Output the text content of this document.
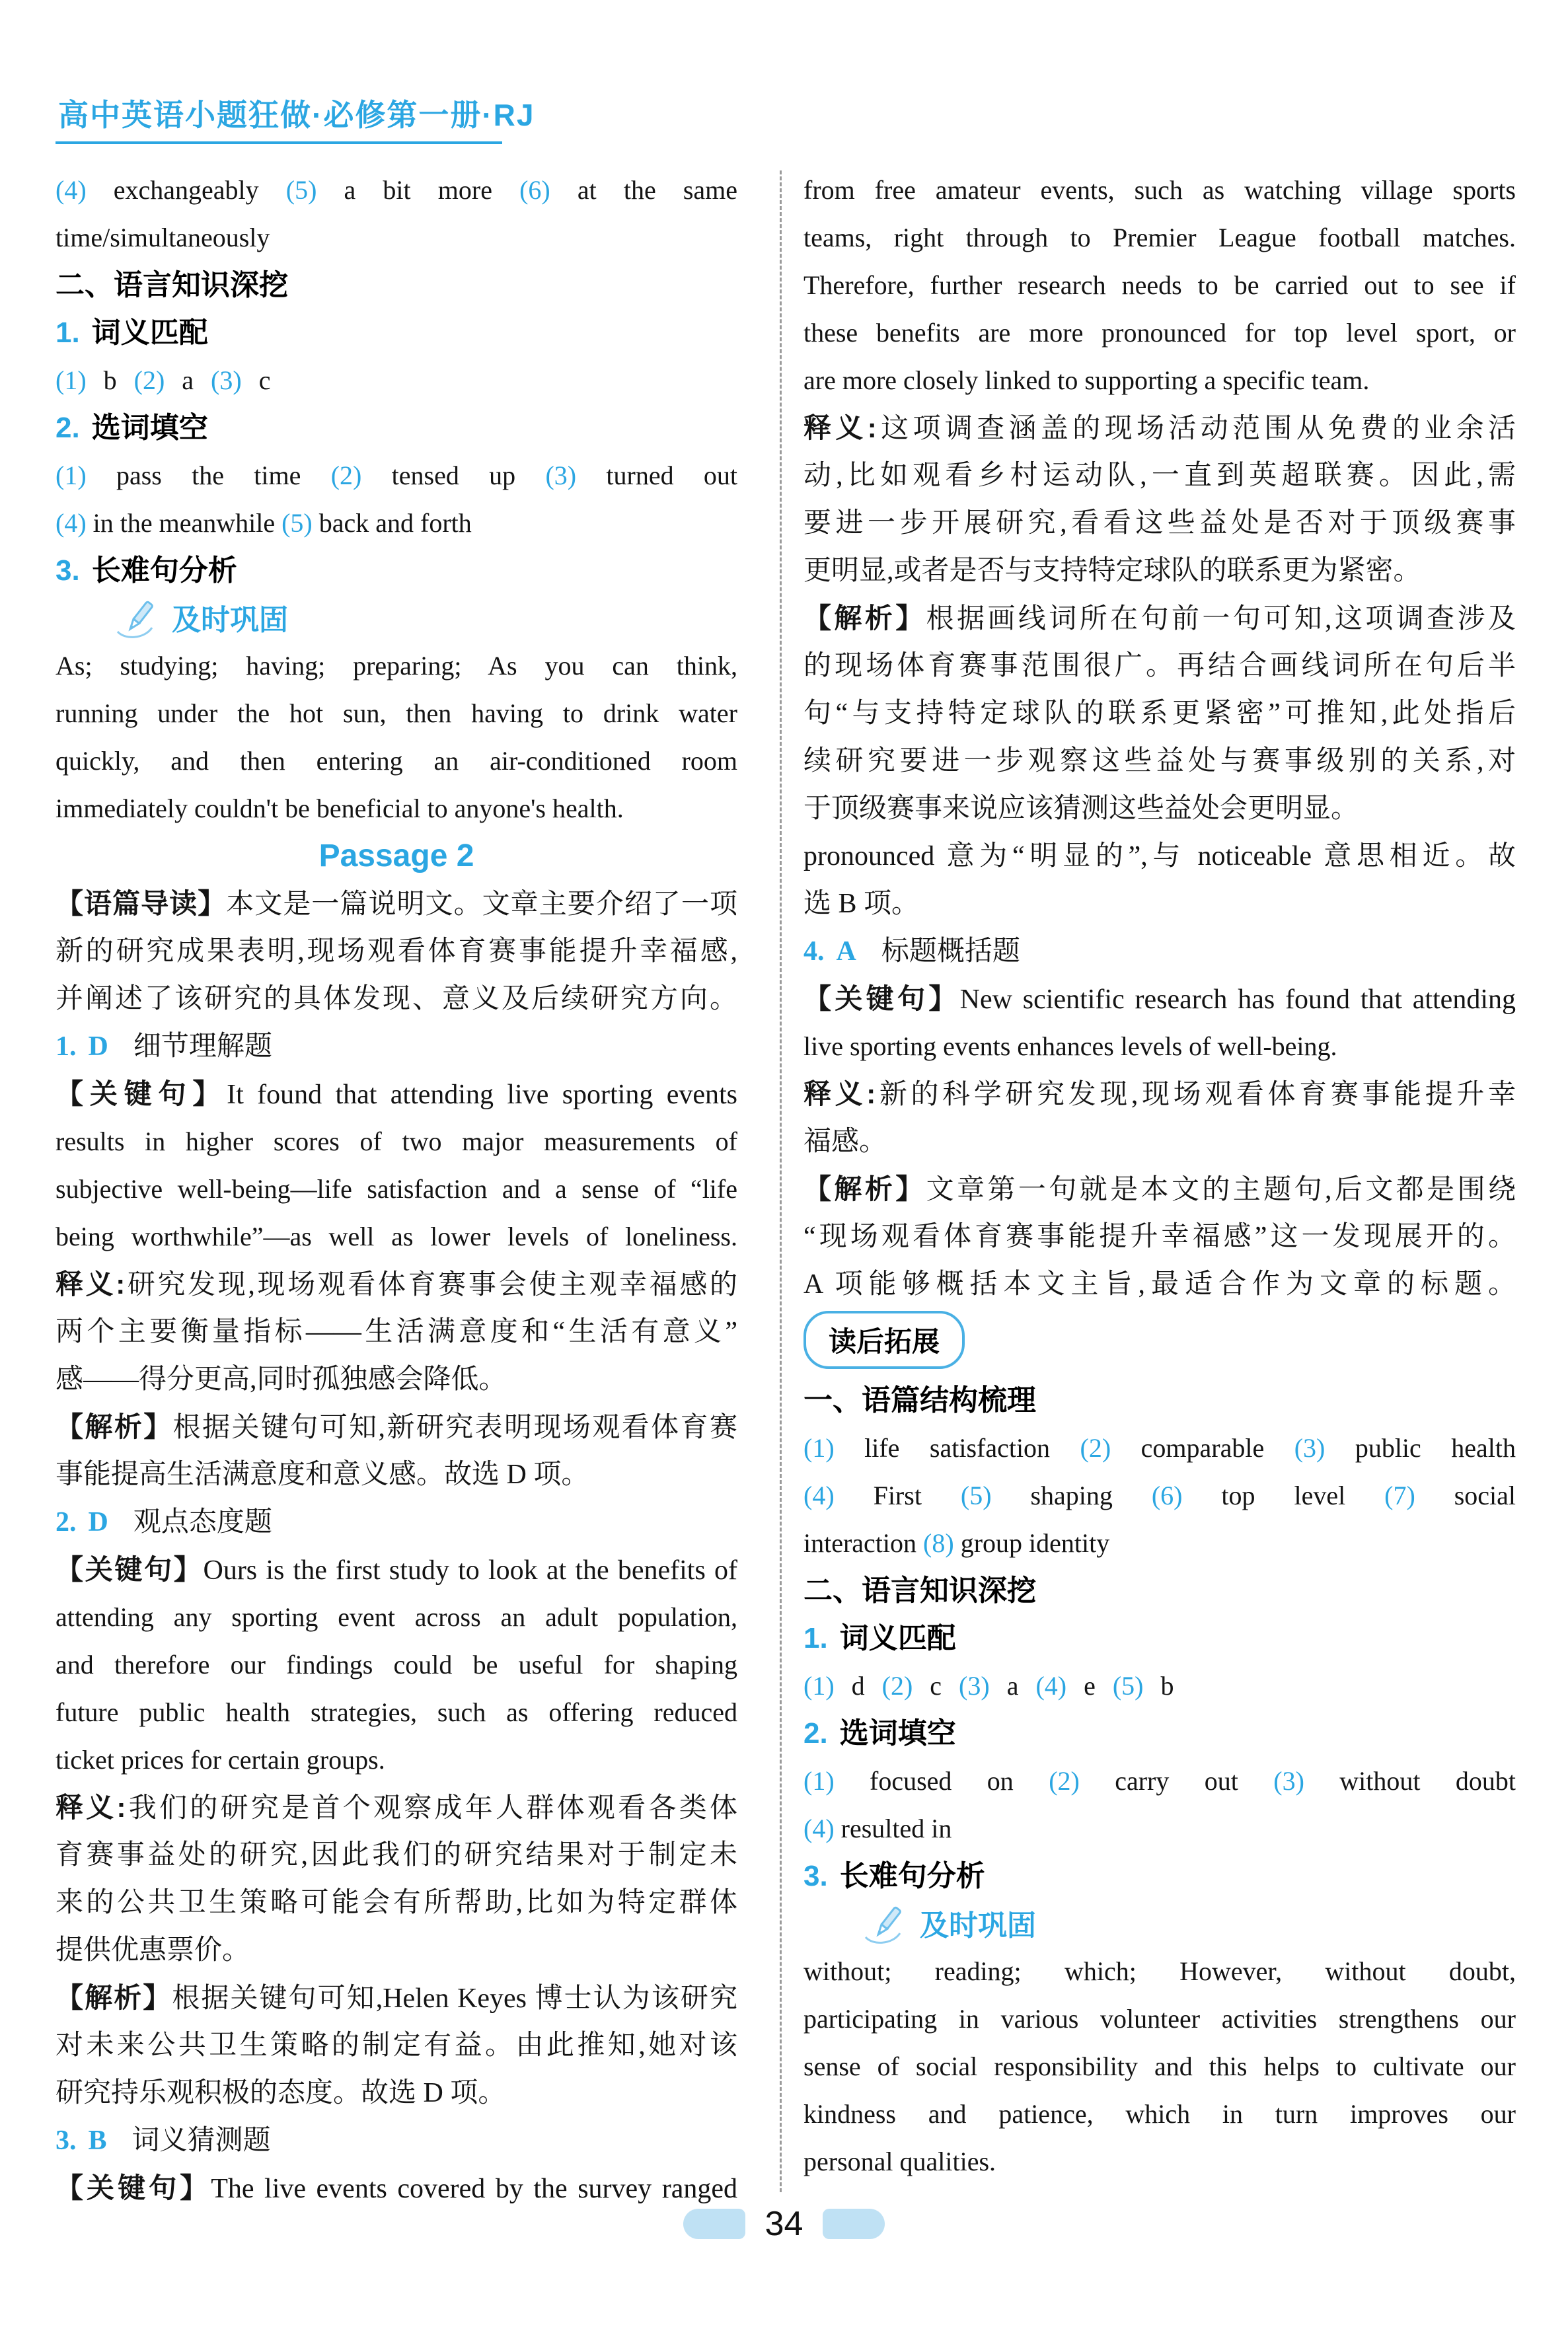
高中英语小题狂做·必修第一册·RJ
(4) exchangeably (5) a bit more (6) at the same
time/simultaneously
二、语言知识深挖
1. 词义匹配
(1) b (2) a (3) c
2. 选词填空
(1) pass the time (2) tensed up (3) turned out
(4) in the meanwhile (5) back and forth
3. 长难句分析
及时巩固
As; studying; having; preparing; As you can think,
running under the hot sun, then having to drink water
quickly, and then entering an air-conditioned room
immediately couldn't be beneficial to anyone's health.
Passage 2
【语篇导读】本文是一篇说明文。文章主要介绍了一项
新的研究成果表明,现场观看体育赛事能提升幸福感,
并阐述了该研究的具体发现、意义及后续研究方向。
1. D 细节理解题
【关键句】It found that attending live sporting events
results in higher scores of two major measurements of
subjective well-being—life satisfaction and a sense of “life
being worthwhile”—as well as lower levels of loneliness.
释义:研究发现,现场观看体育赛事会使主观幸福感的
两个主要衡量指标——生活满意度和“生活有意义”
感——得分更高,同时孤独感会降低。
【解析】根据关键句可知,新研究表明现场观看体育赛
事能提高生活满意度和意义感。故选 D 项。
2. D 观点态度题
【关键句】Ours is the first study to look at the benefits of
attending any sporting event across an adult population,
and therefore our findings could be useful for shaping
future public health strategies, such as offering reduced
ticket prices for certain groups.
释义:我们的研究是首个观察成年人群体观看各类体
育赛事益处的研究,因此我们的研究结果对于制定未
来的公共卫生策略可能会有所帮助,比如为特定群体
提供优惠票价。
【解析】根据关键句可知,Helen Keyes 博士认为该研究
对未来公共卫生策略的制定有益。由此推知,她对该
研究持乐观积极的态度。故选 D 项。
3. B 词义猜测题
【关键句】The live events covered by the survey ranged
from free amateur events, such as watching village sports
teams, right through to Premier League football matches.
Therefore, further research needs to be carried out to see if
these benefits are more pronounced for top level sport, or
are more closely linked to supporting a specific team.
释义:这项调查涵盖的现场活动范围从免费的业余活
动,比如观看乡村运动队,一直到英超联赛。因此,需
要进一步开展研究,看看这些益处是否对于顶级赛事
更明显,或者是否与支持特定球队的联系更为紧密。
【解析】根据画线词所在句前一句可知,这项调查涉及
的现场体育赛事范围很广。再结合画线词所在句后半
句“与支持特定球队的联系更紧密”可推知,此处指后
续研究要进一步观察这些益处与赛事级别的关系,对
于顶级赛事来说应该猜测这些益处会更明显。
pronounced 意为“明显的”,与 noticeable 意思相近。故
选 B 项。
4. A 标题概括题
【关键句】New scientific research has found that attending
live sporting events enhances levels of well-being.
释义:新的科学研究发现,现场观看体育赛事能提升幸
福感。
【解析】文章第一句就是本文的主题句,后文都是围绕
“现场观看体育赛事能提升幸福感”这一发现展开的。
A 项能够概括本文主旨,最适合作为文章的标题。
读后拓展
一、语篇结构梳理
(1) life satisfaction (2) comparable (3) public health
(4) First (5) shaping (6) top level (7) social
interaction (8) group identity
二、语言知识深挖
1. 词义匹配
(1) d (2) c (3) a (4) e (5) b
2. 选词填空
(1) focused on (2) carry out (3) without doubt
(4) resulted in
3. 长难句分析
及时巩固
without; reading; which; However, without doubt,
participating in various volunteer activities strengthens our
sense of social responsibility and this helps to cultivate our
kindness and patience, which in turn improves our
personal qualities.
34
